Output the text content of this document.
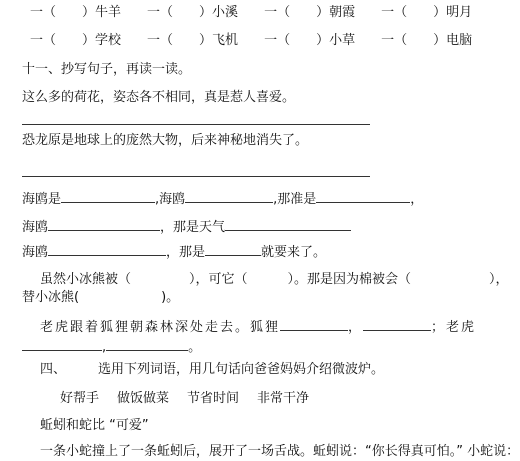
一（　　）牛羊 一（　　）小溪 一（　　）朝霞 一（　　）明月
一（　　）学校 一（　　）飞机 一（　　）小草 一（　　）电脑
十一、抄写句子，再读一读。
这么多的荷花，姿态各不相同，真是惹人喜爱。
恐龙原是地球上的庞然大物，后来神秘地消失了。
海鸥是	,海鸥	,那准是	，
海鸥	，那是天气
海鸥	，那是	就要来了。
虽然小冰熊被（	），可它（	）。那是因为棉被会（	），
替小冰熊(	)。
老虎跟着狐狸朝森林深处走去。狐狸	，	；老虎
,	。
四、 选用下列词语，用几句话向爸爸妈妈介绍微波炉。
好帮手 做饭做菜 节省时间 非常干净
蚯蚓和蛇比 “可爱”
一条小蛇撞上了一条蚯蚓后，展开了一场舌战。蚯蚓说：“你长得真可怕。” 小蛇说：
